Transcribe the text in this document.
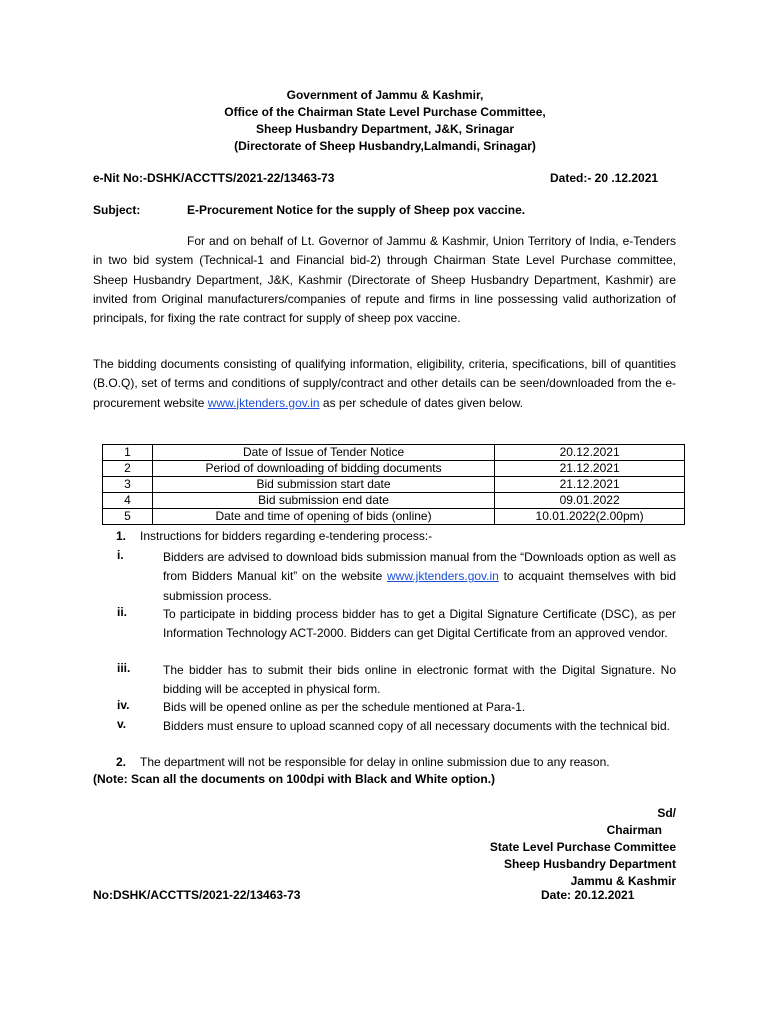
Government of Jammu & Kashmir,
Office of the Chairman State Level Purchase Committee,
Sheep Husbandry Department, J&K, Srinagar
(Directorate of Sheep Husbandry,Lalmandi, Srinagar)
e-Nit No:-DSHK/ACCTTS/2021-22/13463-73	Dated:- 20 .12.2021
Subject:	E-Procurement Notice for the supply of Sheep pox vaccine.
For and on behalf of Lt. Governor of Jammu & Kashmir, Union Territory of India, e-Tenders in two bid system (Technical-1 and Financial bid-2) through Chairman State Level Purchase committee, Sheep Husbandry Department, J&K, Kashmir (Directorate of Sheep Husbandry Department, Kashmir) are invited from Original manufacturers/companies of repute and firms in line possessing valid authorization of principals, for fixing the rate contract for supply of sheep pox vaccine.
The bidding documents consisting of qualifying information, eligibility, criteria, specifications, bill of quantities (B.O.Q), set of terms and conditions of supply/contract and other details can be seen/downloaded from the e-procurement website www.jktenders.gov.in as per schedule of dates given below.
1	Date of Issue of Tender Notice	20.12.2021
2	Period of downloading of bidding documents	21.12.2021
3	Bid submission start date	21.12.2021
4	Bid submission end date	09.01.2022
5	Date and time of opening of bids (online)	10.01.2022(2.00pm)
1. Instructions for bidders regarding e-tendering process:-
i.	Bidders are advised to download bids submission manual from the “Downloads option as well as from Bidders Manual kit” on the website www.jktenders.gov.in to acquaint themselves with bid submission process.
ii.	To participate in bidding process bidder has to get a Digital Signature Certificate (DSC), as per Information Technology ACT-2000. Bidders can get Digital Certificate from an approved vendor.
iii.	The bidder has to submit their bids online in electronic format with the Digital Signature. No bidding will be accepted in physical form.
iv.	Bids will be opened online as per the schedule mentioned at Para-1.
v.	Bidders must ensure to upload scanned copy of all necessary documents with the technical bid.
2. The department will not be responsible for delay in online submission due to any reason.
(Note: Scan all the documents on 100dpi with Black and White option.)
Sd/
Chairman
State Level Purchase Committee
Sheep Husbandry Department
Jammu & Kashmir
No:DSHK/ACCTTS/2021-22/13463-73	Date: 20.12.2021
